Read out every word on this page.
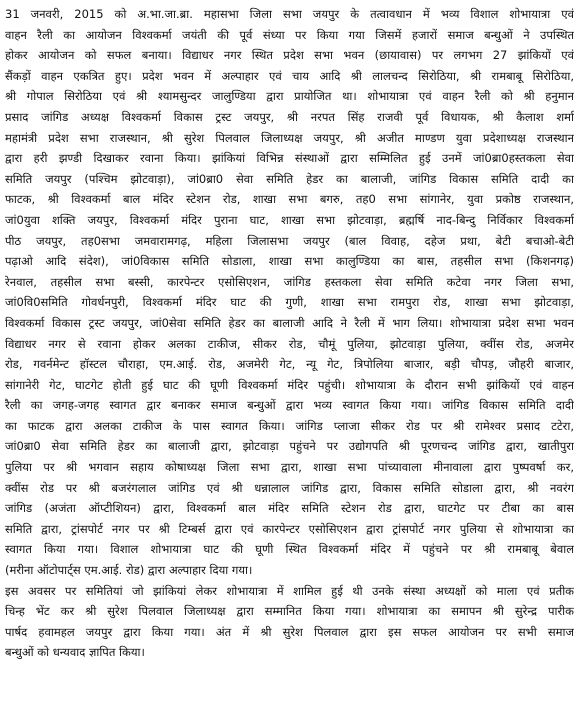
31 जनवरी, 2015 को अ.भा.जा.ब्रा. महासभा जिला सभा जयपुर के तत्वावधान में भव्य विशाल शोभायात्रा एवं
वाहन रैली का आयोजन विश्वकर्मा जयंती की पूर्व संध्या पर किया गया जिसमें हजारों समाज बन्धुओं ने उपस्थित
होकर आयोजन को सफल बनाया। विद्याधर नगर स्थित प्रदेश सभा भवन (छायावास) पर लगभग 27 झांकियों एवं
सैंकड़ों वाहन एकत्रित हुए। प्रदेश भवन में अल्पाहार एवं चाय आदि श्री लालचन्द सिरोठिया, श्री रामबाबू सिरोठिया,
श्री गोपाल सिरोठिया एवं श्री श्यामसुन्दर जालुण्डिया द्वारा प्रायोजित था। शोभायात्रा एवं वाहन रैली को श्री हनुमान
प्रसाद जांगिड अध्यक्ष विश्वकर्मा विकास ट्रस्ट जयपुर, श्री नरपत सिंह राजवी पूर्व विधायक, श्री कैलाश शर्मा
महामंत्री प्रदेश सभा राजस्थान, श्री सुरेश पिलवाल जिलाध्यक्ष जयपुर, श्री अजीत माण्डण युवा प्रदेशाध्यक्ष राजस्थान
द्वारा हरी झण्डी दिखाकर रवाना किया। झांकियां विभिन्न संस्थाओं द्वारा सम्मिलित हुई उनमें जां0ब्रा0हस्तकला सेवा
समिति जयपुर (पश्चिम झोटवाड़ा), जां0ब्रा0 सेवा समिति हेडर का बालाजी, जांगिड विकास समिति दादी का
फाटक, श्री विश्वकर्मा बाल मंदिर स्टेशन रोड, शाखा सभा बगरु, तह0 सभा सांगानेर, युवा प्रकोष्ठ राजस्थान,
जां0युवा शक्ति जयपुर, विश्वकर्मा मंदिर पुराना घाट, शाखा सभा झोटवाड़ा, ब्रह्मर्षि नाद-बिन्दु निर्विकार विश्वकर्मा
पीठ जयपुर, तह0सभा जमवारामगढ़, महिला जिलासभा जयपुर (बाल विवाह, दहेज प्रथा, बेटी बचाओ-बेटी
पढ़ाओ आदि संदेश), जां0विकास समिति सोडाला, शाखा सभा कालुण्डिया का बास, तहसील सभा (किशनगढ़)
रेनवाल, तहसील सभा बस्सी, कारपेन्टर एसोसिएशन, जांगिड हस्तकला सेवा समिति कटेवा नगर जिला सभा,
जां0वि0समिति गोवर्धनपुरी, विश्वकर्मा मंदिर घाट की गुणी, शाखा सभा रामपुरा रोड, शाखा सभा झोटवाड़ा,
विश्वकर्मा विकास ट्रस्ट जयपुर, जां0सेवा समिति हेडर का बालाजी आदि ने रैली में भाग लिया। शोभायात्रा प्रदेश सभा भवन
विद्याधर नगर से रवाना होकर अलका टाकीज, सीकर रोड, चौमूं पुलिया, झोटवाड़ा पुलिया, क्वींस रोड, अजमेर
रोड, गवर्नमेन्ट हॉस्टल चौराहा, एम.आई. रोड, अजमेरी गेट, न्यू गेट, त्रिपोलिया बाजार, बड़ी चौपड़, जौहरी बाजार,
सांगानेरी गेट, घाटगेट होती हुई घाट की घूणी विश्वकर्मा मंदिर पहुंची। शोभायात्रा के दौरान सभी झांकियों एवं वाहन
रैली का जगह-जगह स्वागत द्वार बनाकर समाज बन्धुओं द्वारा भव्य स्वागत किया गया। जांगिड विकास समिति दादी
का फाटक द्वारा अलका टाकीज के पास स्वागत किया। जांगिड प्लाजा सीकर रोड पर श्री रामेश्वर प्रसाद टटेरा,
जां0ब्रा0 सेवा समिति हेडर का बालाजी द्वारा, झोटवाड़ा पहुंचने पर उद्योगपति श्री पूरणचन्द जांगिड द्वारा, खातीपुरा
पुलिया पर श्री भगवान सहाय कोषाध्यक्ष जिला सभा द्वारा, शाखा सभा पांच्यावाला मीनावाला द्वारा पुष्पवर्षा कर,
क्वींस रोड पर श्री बजरंगलाल जांगिड एवं श्री धन्नालाल जांगिड द्वारा, विकास समिति सोडाला द्वारा, श्री नवरंग
जांगिड (अजंता ऑप्टीशियन) द्वारा, विश्वकर्मा बाल मंदिर समिति स्टेशन रोड द्वारा, घाटगेट पर टीबा का बास
समिति द्वारा, ट्रांसपोर्ट नगर पर श्री टिम्बर्स द्वारा एवं कारपेन्टर एसोसिएशन द्वारा ट्रांसपोर्ट नगर पुलिया से शोभायात्रा का
स्वागत किया गया। विशाल शोभायात्रा घाट की घूणी स्थित विश्वकर्मा मंदिर में पहुंचने पर श्री रामबाबू बेवाल
(मरीना ऑटोपार्ट्स एम.आई. रोड) द्वारा अल्पाहार दिया गया।
इस अवसर पर समितियां जो झांकियां लेकर शोभायात्रा में शामिल हुई थी उनके संस्था अध्यक्षों को माला एवं प्रतीक
चिन्ह भेंट कर श्री सुरेश पिलवाल जिलाध्यक्ष द्वारा सम्मानित किया गया। शोभायात्रा का समापन श्री सुरेन्द्र पारीक
पार्षद हवामहल जयपुर द्वारा किया गया। अंत में श्री सुरेश पिलवाल द्वारा इस सफल आयोजन पर सभी समाज
बन्धुओं को धन्यवाद ज्ञापित किया।
